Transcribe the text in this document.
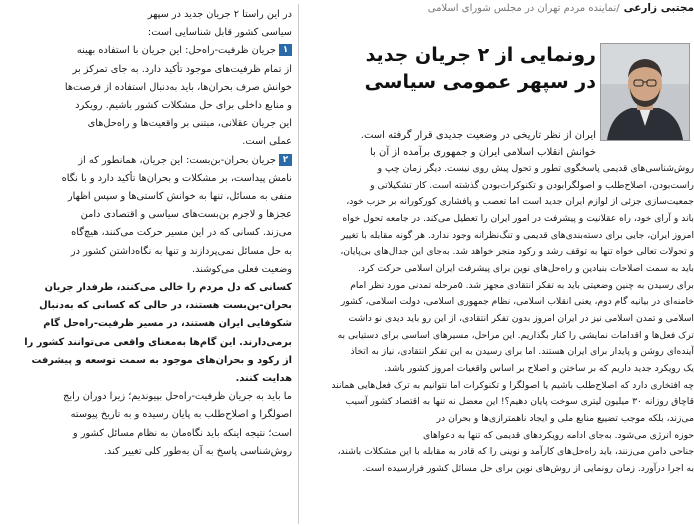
مجتبی زارعی
/نماینده مردم تهران در مجلس شورای اسلامی
رونمایی از ۲ جریان جدید
در سپهر عمومی سیاسی
ایران از نظر تاریخی در وضعیت جدیدی قرار گرفته است.
خوانش انقلاب اسلامی ایران و جمهوری برآمده از آن با
روش‌شناسی‌های قدیمی پاسخگوی تطور و تحول پیش روی نیست. دیگر زمان چپ و
راست‌بودن، اصلاح‌طلب و اصولگرابودن و تکنوکرات‌بودن گذشته است. کار تشکیلاتی و
جمعیت‌سازی جزئی از لوازم ایران جدید است اما تعصب و پافشاری کورکورانه بر حزب خود،
باند و آرای خود، راه عقلانیت و پیشرفت در امور ایران را تعطیل می‌کند. در جامعه تحول خواه
امروز ایران، جایی برای دسته‌بندی‌های قدیمی و تنگ‌نظرانه وجود ندارد. هر گونه مقابله با تغییر
و تحولات تعالی خواه تنها به توقف رشد و رکود منجر خواهد شد. به‌جای این جدال‌های بی‌پایان،
باید به سمت اصلاحات بنیادین و راه‌حل‌های نوین برای پیشرفت ایران اسلامی حرکت کرد.
برای رسیدن به چنین وضعیتی باید به تفکر انتقادی مجهز شد. ۵مرحله تمدنی مورد نظر امام
خامنه‌ای در بیانیه گام دوم، یعنی انقلاب اسلامی، نظام جمهوری اسلامی، دولت اسلامی، کشور
اسلامی و تمدن اسلامی نیز در ایران امروز بدون تفکر انتقادی، از این رو باید دیدی نو داشت
ترک فعل‌ها و اقدامات نمایشی را کنار بگذاریم. این مراحل، مسیرهای اساسی برای دستیابی به
آینده‌ای روشن و پایدار برای ایران هستند. اما برای رسیدن به این تفکر انتقادی، نیاز به اتخاذ
یک رویکرد جدید داریم که بر ساختن و اصلاح بر اساس واقعیات امروز کشور باشد.
چه افتخاری دارد که اصلاح‌طلب باشیم یا اصولگرا و تکنوکرات اما نتوانیم به ترک فعل‌هایی همانند
قاچاق روزانه ۳۰ میلیون لیتری سوخت پایان دهیم؟! این معضل نه تنها به اقتصاد کشور آسیب
می‌زند، بلکه موجب تضییع منابع ملی و ایجاد ناهمترازی‌ها و بحران در
حوزه انرژی می‌شود. به‌جای ادامه رویکردهای قدیمی که تنها به دعواهای
جناحی دامن می‌زنند، باید راه‌حل‌های کارآمد و نوینی را که قادر به مقابله با این مشکلات باشند،
به اجرا درآورد. زمان رونمایی از روش‌های نوین برای حل مسائل کشور فرارسیده است.
در این راستا ۲ جریان جدید در سپهر
سیاسی کشور قابل شناسایی است:
۱جریان ظرفیت-راه‌حل: این جریان با استفاده بهینه
از تمام ظرفیت‌های موجود تأکید دارد. به جای تمرکز بر
خوانش صرف بحران‌ها، باید به‌دنبال استفاده از فرصت‌ها
و منابع داخلی برای حل مشکلات کشور باشیم. رویکرد
این جریان عقلانی، مبتنی بر واقعیت‌ها و راه‌حل‌های
عملی است.
۲جریان بحران-بن‌بست: این جریان، همانطور که از
نامش پیداست، بر مشکلات و بحران‌ها تأکید دارد و با نگاه
منفی به مسائل، تنها به خوانش کاستی‌ها و سپس اظهار
عجزها و لاجرم بن‌بست‌های سیاسی و اقتصادی دامن
می‌زند. کسانی که در این مسیر حرکت می‌کنند، هیچ‌گاه
به حل مسائل نمی‌پردازند و تنها به نگاه‌داشتن کشور در
وضعیت فعلی می‌کوشند.
کسانی که دل مردم را خالی می‌کنند، طرفدار جریان
بحران-بن‌بست هستند، در حالی که کسانی که به‌دنبال
شکوفایی ایران هستند، در مسیر ظرفیت-راه‌حل گام
برمی‌دارند. این گام‌ها به‌معنای واقعی می‌توانند کشور را
از رکود و بحران‌های موجود به سمت توسعه و پیشرفت
هدایت کنند.
ما باید به جریان ظرفیت-راه‌حل بپیوندیم؛ زیرا دوران رایج
اصولگرا و اصلاح‌طلب به پایان رسیده و به تاریخ پیوسته
است؛ نتیجه اینکه باید نگاه‌مان به نظام مسائل کشور و
روش‌شناسی پاسخ به آن به‌طور کلی تغییر کند.
